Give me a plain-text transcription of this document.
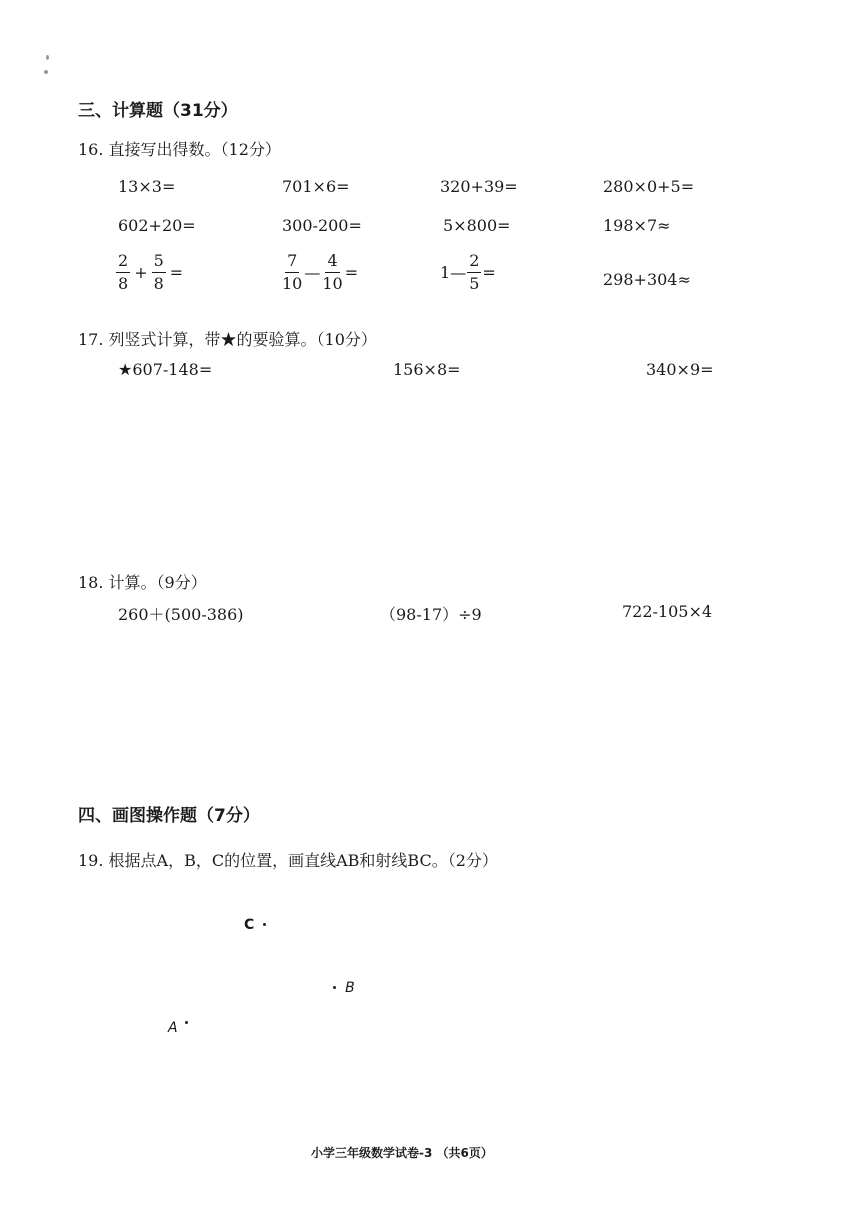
三、计算题（31分）
16. 直接写出得数。（12分）
13×3=	701×6=	320+39=	280×0+5=
602+20=	300-200=	5×800=	198×7≈
$\frac{2}{8} + \frac{5}{8}$ =	$\frac{7}{10}$ — $\frac{4}{10}$ =	1— $\frac{2}{5}$ =	298+304≈
17. 列竖式计算，带★的要验算。（10分）
★607-148=	156×8=	340×9=
18. 计算。（9分）
260＋(500-386)	（98-17）÷9	722-105×4
四、画图操作题（7分）
19. 根据点A，B，C的位置，画直线AB和射线BC。（2分）
C
B
A
小学三年级数学试卷-3 （共6页）
